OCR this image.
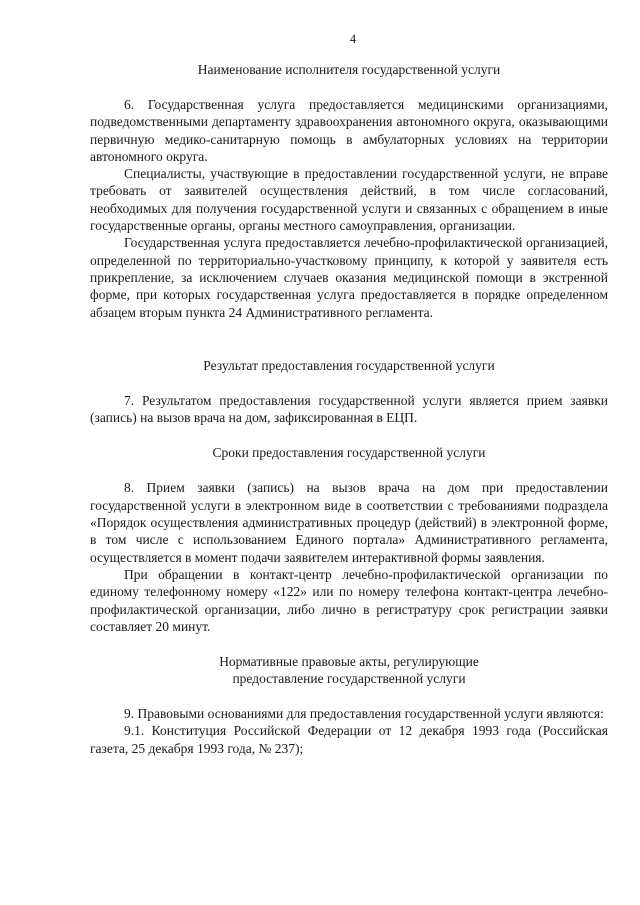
4
Наименование исполнителя государственной услуги

6. Государственная услуга предоставляется медицинскими организациями, подведомственными департаменту здравоохранения автономного округа, оказывающими первичную медико-санитарную помощь в амбулаторных условиях на территории автономного округа.

Специалисты, участвующие в предоставлении государственной услуги, не вправе требовать от заявителей осуществления действий, в том числе согласований, необходимых для получения государственной услуги и связанных с обращением в иные государственные органы, органы местного самоуправления, организации.

Государственная услуга предоставляется лечебно-профилактической организацией, определенной по территориально-участковому принципу, к которой у заявителя есть прикрепление, за исключением случаев оказания медицинской помощи в экстренной форме, при которых государственная услуга предоставляется в порядке определенном абзацем вторым пункта 24 Административного регламента.

Результат предоставления государственной услуги

7. Результатом предоставления государственной услуги является прием заявки (запись) на вызов врача на дом, зафиксированная в ЕЦП.

Сроки предоставления государственной услуги

8. Прием заявки (запись) на вызов врача на дом при предоставлении государственной услуги в электронном виде в соответствии с требованиями подраздела «Порядок осуществления административных процедур (действий) в электронной форме, в том числе с использованием Единого портала» Административного регламента, осуществляется в момент подачи заявителем интерактивной формы заявления.

При обращении в контакт-центр лечебно-профилактической организации по единому телефонному номеру «122» или по номеру телефона контакт-центра лечебно-профилактической организации, либо лично в регистратуру срок регистрации заявки составляет 20 минут.

Нормативные правовые акты, регулирующие
предоставление государственной услуги

9. Правовыми основаниями для предоставления государственной услуги являются:

9.1. Конституция Российской Федерации от 12 декабря 1993 года (Российская газета, 25 декабря 1993 года, № 237);
